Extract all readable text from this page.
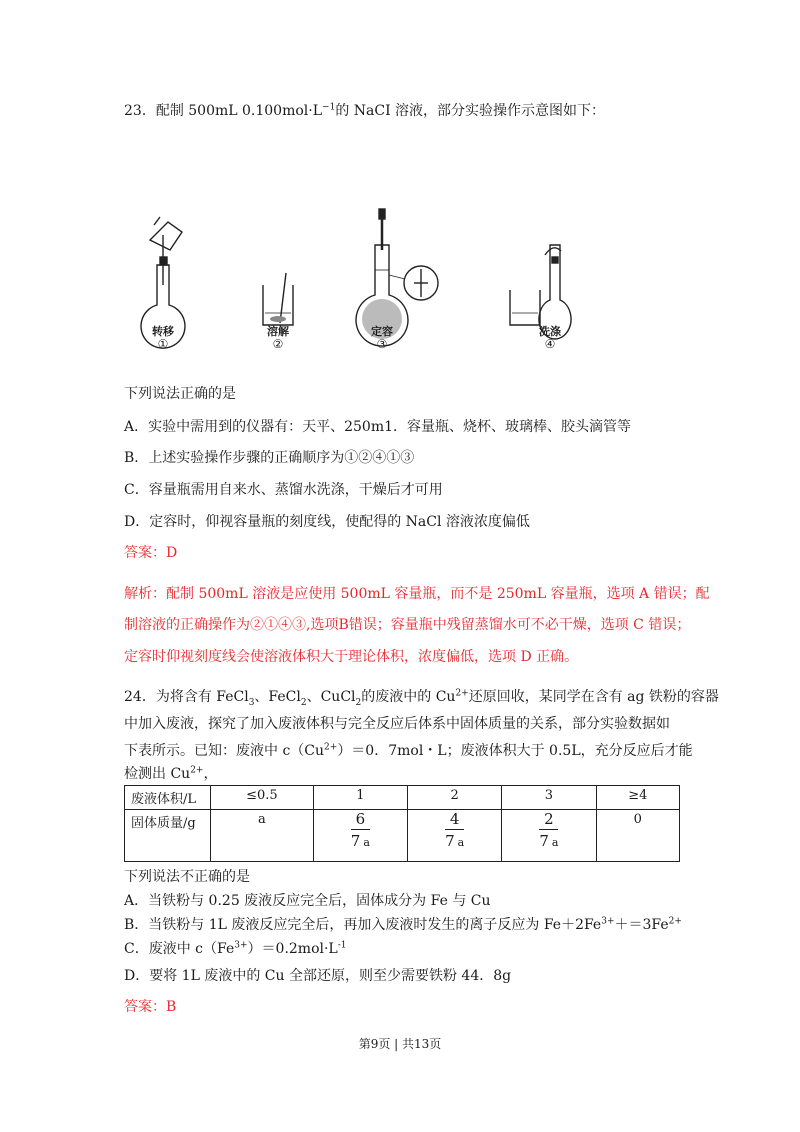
23．配制 500mL $0.100mol\cdot L^{-1}$的 NaCI 溶液，部分实验操作示意图如下：
转移	溶解	定容	洗涤
①	②	③	④
下列说法正确的是
A．实验中需用到的仪器有：天平、250m1．容量瓶、烧杯、玻璃棒、胶头滴管等
B．上述实验操作步骤的正确顺序为①②④①③
C．容量瓶需用自来水、蒸馏水洗涤，干燥后才可用
D．定容时，仰视容量瓶的刻度线，使配得的 NaCl 溶液浓度偏低
答案：D
解析：配制 500mL 溶液是应使用 500mL 容量瓶，而不是 250mL 容量瓶，选项 A 错误；配
制溶液的正确操作为②①④③,选项B错误；容量瓶中残留蒸馏水可不必干燥，选项 C 错误；
定容时仰视刻度线会使溶液体积大于理论体积，浓度偏低，选项 D 正确。
24．为将含有 FeCl$_3$、FeCl$_2$、CuCl$_2$的废液中的 $Cu^{2+}$还原回收，某同学在含有 ag 铁粉的容器
中加入废液，探究了加入废液体积与完全反应后体系中固体质量的关系，部分实验数据如
下表所示。已知：废液中 $c(Cu^{2+})=0$．7mol・L；废液体积大于 0.5L，充分反应后才能
检测出 $Cu^{2+}$，
废液体积/L	≤0.5	1	2	3	≥4
固体质量/g	a	$\frac{6}{7 a}$	$\frac{4}{7 a}$	$\frac{2}{7 a}$	0
下列说法不正确的是
A．当铁粉与 0.25 废液反应完全后，固体成分为 Fe 与 Cu
B．当铁粉与 1L 废液反应完全后，再加入废液时发生的离子反应为 $Fe+2Fe^{3+}+=3Fe^{2+}$
C．废液中 $c(Fe^{3+})=0.2mol\cdot L^{-1}$
D．要将 1L 废液中的 Cu 全部还原，则至少需要铁粉 44．8g
答案：B
第9页 | 共13页
